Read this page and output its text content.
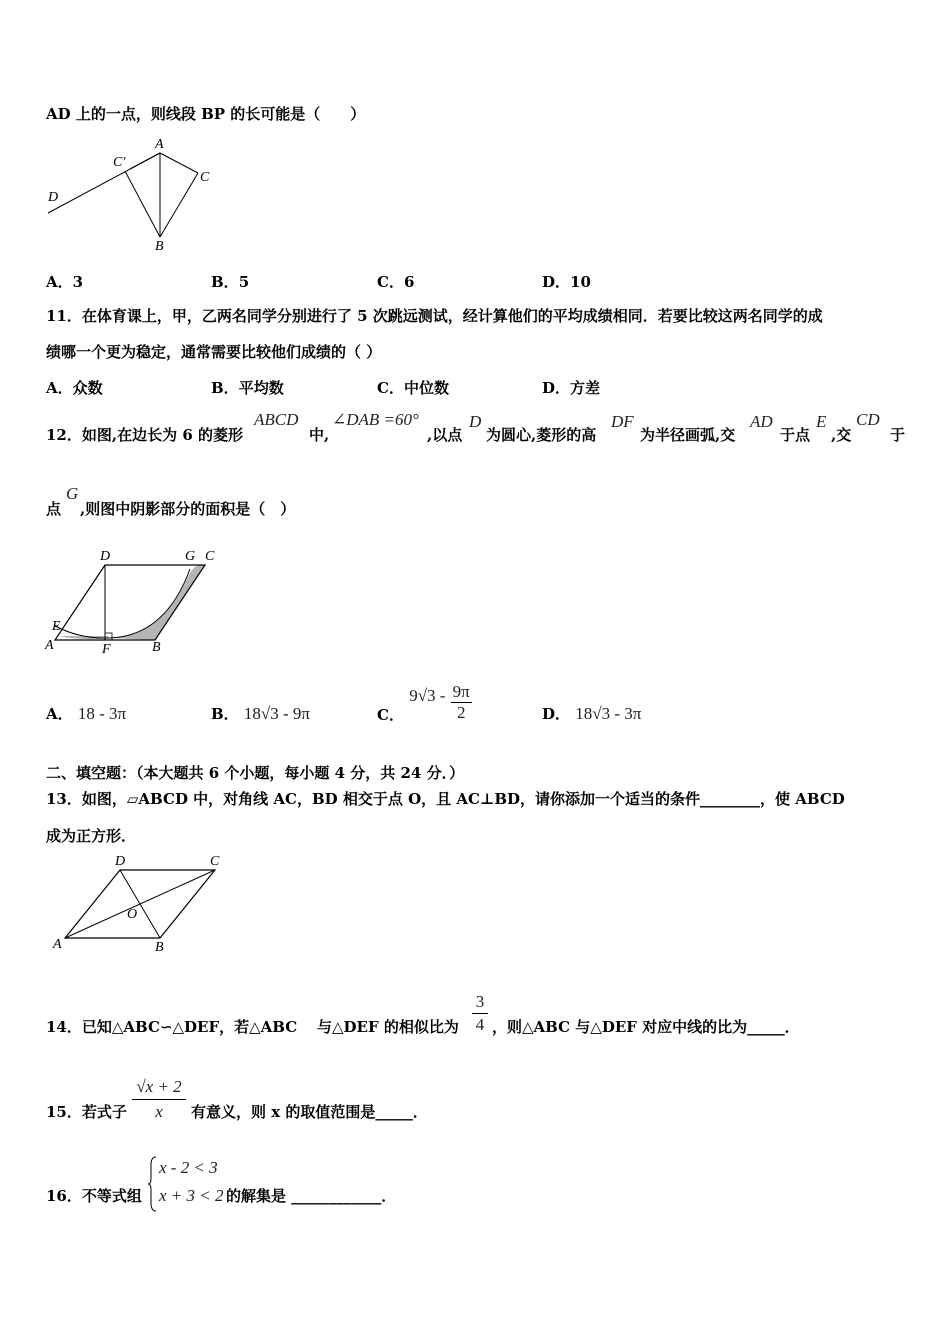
AD 上的一点，则线段 BP 的长可能是（　　）
A
C′
C
D
B
A．3	B．5	C．6	D．10
11．在体育课上，甲，乙两名同学分别进行了 5 次跳远测试，经计算他们的平均成绩相同．若要比较这两名同学的成
绩哪一个更为稳定，通常需要比较他们成绩的（ ）
A．众数	B．平均数	C．中位数	D．方差
12．如图,在边长为 6 的菱形
ABCD
中,
∠DAB =60°
,以点
D
为圆心,菱形的高
DF
为半径画弧,交
AD
于点
E
,交
CD
于
点
G
,则图中阴影部分的面积是（　）
D	G C
E
A	F	B
A． 18 - 3π	B． 18√3 - 9π	C． $9√3 - \frac{9\pi}{2}$	D． 18√3 - 3π
二、填空题：（本大题共 6 个小题，每小题 4 分，共 24 分．）
13．如图，▱ABCD 中，对角线 AC，BD 相交于点 O，且 AC⊥BD，请你添加一个适当的条件________，使 ABCD
成为正方形．
D	C
O
A	B
14．已知△ABC∽△DEF，若△ABC 与△DEF 的相似比为
3
4 ，则△ABC 与△DEF 对应中线的比为_____．
15．若式子
√x + 2
x	有意义，则 x 的取值范围是_____．
16．不等式组
x - 2 < 3
x + 3 < 2 的解集是 ____________．
